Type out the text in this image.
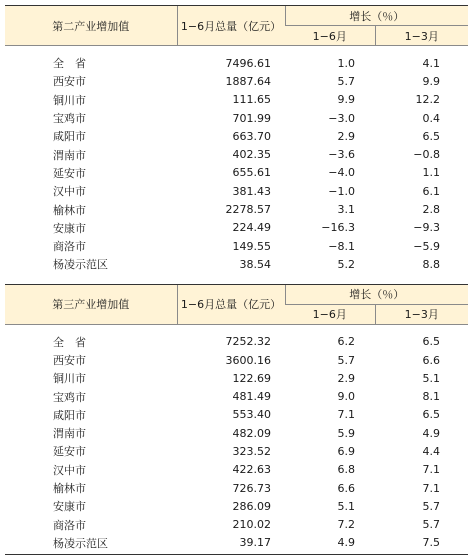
第二产业增加值	1−6月总量（亿元）	增长（％）	
		1−6月	1−3月
全　省	7496.61	1.0	4.1
西安市	1887.64	5.7	9.9
铜川市	111.65	9.9	12.2
宝鸡市	701.99	−3.0	0.4
咸阳市	663.70	2.9	6.5
渭南市	402.35	−3.6	−0.8
延安市	655.61	−4.0	1.1
汉中市	381.43	−1.0	6.1
榆林市	2278.57	3.1	2.8
安康市	224.49	−16.3	−9.3
商洛市	149.55	−8.1	−5.9
杨凌示范区	38.54	5.2	8.8
第三产业增加值	1−6月总量（亿元）	增长（％）	
		1−6月	1−3月
全　省	7252.32	6.2	6.5
西安市	3600.16	5.7	6.6
铜川市	122.69	2.9	5.1
宝鸡市	481.49	9.0	8.1
咸阳市	553.40	7.1	6.5
渭南市	482.09	5.9	4.9
延安市	323.52	6.9	4.4
汉中市	422.63	6.8	7.1
榆林市	726.73	6.6	7.1
安康市	286.09	5.1	5.7
商洛市	210.02	7.2	5.7
杨凌示范区	39.17	4.9	7.5
